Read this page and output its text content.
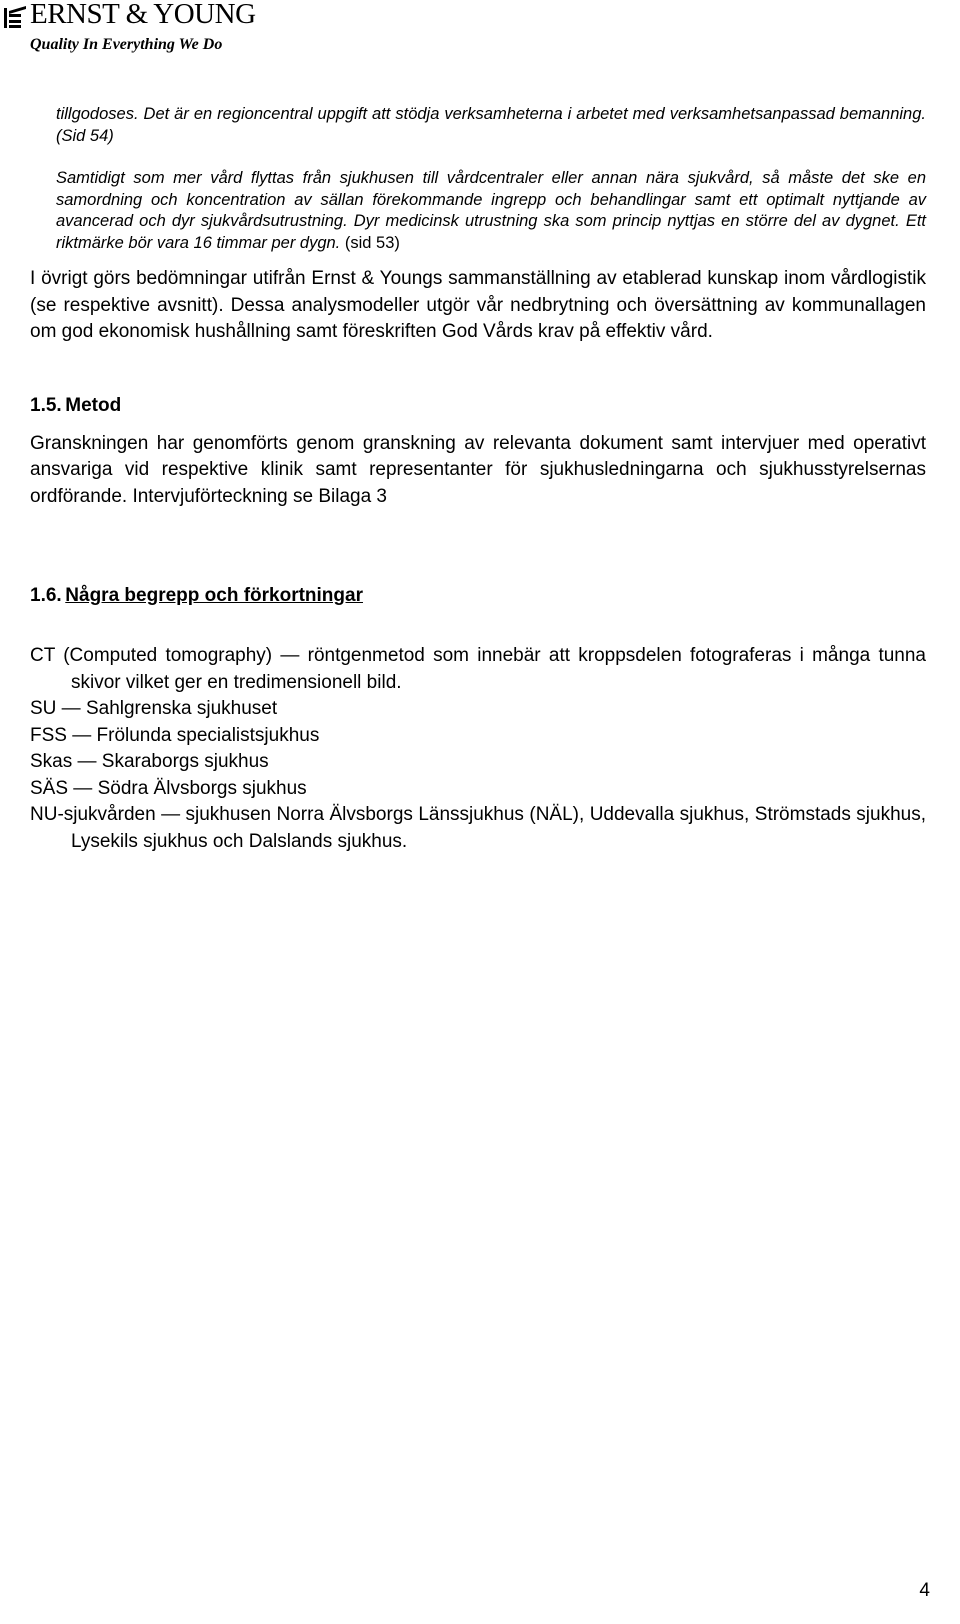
ERNST & YOUNG
Quality In Everything We Do

tillgodoses. Det är en regioncentral uppgift att stödja verksamheterna i arbetet med verksamhetsanpassad bemanning. (Sid 54)

Samtidigt som mer vård flyttas från sjukhusen till vårdcentraler eller annan nära sjukvård, så måste det ske en samordning och koncentration av sällan förekommande ingrepp och behandlingar samt ett optimalt nyttjande av avancerad och dyr sjukvårdsutrustning. Dyr medicinsk utrustning ska som princip nyttjas en större del av dygnet. Ett riktmärke bör vara 16 timmar per dygn. (sid 53)

I övrigt görs bedömningar utifrån Ernst & Youngs sammanställning av etablerad kunskap inom vårdlogistik (se respektive avsnitt). Dessa analysmodeller utgör vår nedbrytning och översättning av kommunallagen om god ekonomisk hushållning samt föreskriften God Vårds krav på effektiv vård.

1.5. Metod

Granskningen har genomförts genom granskning av relevanta dokument samt intervjuer med operativt ansvariga vid respektive klinik samt representanter för sjukhusledningarna och sjukhusstyrelsernas ordförande. Intervjuförteckning se Bilaga 3

1.6. Några begrepp och förkortningar
CT (Computed tomography) — röntgenmetod som innebär att kroppsdelen fotograferas i många tunna skivor vilket ger en tredimensionell bild.
SU — Sahlgrenska sjukhuset
FSS — Frölunda specialistsjukhus
Skas — Skaraborgs sjukhus
SÄS — Södra Älvsborgs sjukhus
NU-sjukvården — sjukhusen Norra Älvsborgs Länssjukhus (NÄL), Uddevalla sjukhus, Strömstads sjukhus, Lysekils sjukhus och Dalslands sjukhus.
4
